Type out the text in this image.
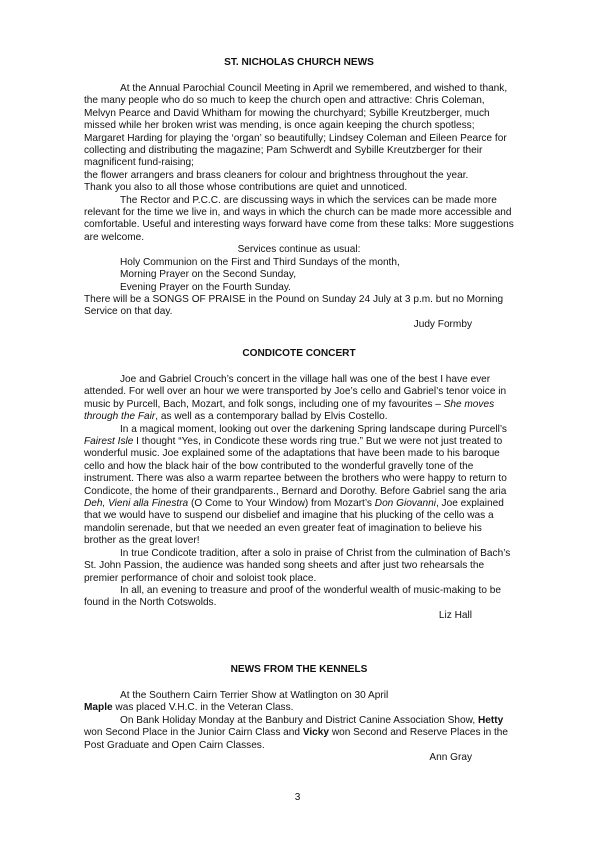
ST. NICHOLAS CHURCH NEWS

At the Annual Parochial Council Meeting in April we remembered, and wished to thank, the many people who do so much to keep the church open and attractive: Chris Coleman, Melvyn Pearce and David Whitham for mowing the churchyard; Sybille Kreutzberger, much missed while her broken wrist was mending, is once again keeping the church spotless; Margaret Harding for playing the ‘organ’ so beautifully; Lindsey Coleman and Eileen Pearce for collecting and distributing the magazine; Pam Schwerdt and Sybille Kreutzberger for their magnificent fund-raising;
the flower arrangers and brass cleaners for colour and brightness throughout the year.
Thank you also to all those whose contributions are quiet and unnoticed.

The Rector and P.C.C. are discussing ways in which the services can be made more relevant for the time we live in, and ways in which the church can be made more accessible and comfortable. Useful and interesting ways forward have come from these talks: More suggestions are welcome.

Services continue as usual:

Holy Communion on the First and Third Sundays of the month,

Morning Prayer on the Second Sunday,

Evening Prayer on the Fourth Sunday.

There will be a SONGS OF PRAISE in the Pound on Sunday 24 July at 3 p.m. but no Morning Service on that day.

Judy Formby

CONDICOTE CONCERT

Joe and Gabriel Crouch’s concert in the village hall was one of the best I have ever attended. For well over an hour we were transported by Joe’s cello and Gabriel’s tenor voice in music by Purcell, Bach, Mozart, and folk songs, including one of my favourites – She moves through the Fair, as well as a contemporary ballad by Elvis Costello.

In a magical moment, looking out over the darkening Spring landscape during Purcell’s Fairest Isle I thought “Yes, in Condicote these words ring true.” But we were not just treated to wonderful music. Joe explained some of the adaptations that have been made to his baroque cello and how the black hair of the bow contributed to the wonderful gravelly tone of the instrument. There was also a warm repartee between the brothers who were happy to return to Condicote, the home of their grandparents., Bernard and Dorothy. Before Gabriel sang the aria Deh, Vieni alla Finestra (O Come to Your Window) from Mozart’s Don Giovanni, Joe explained that we would have to suspend our disbelief and imagine that his plucking of the cello was a mandolin serenade, but that we needed an even greater feat of imagination to believe his brother as the great lover!

In true Condicote tradition, after a solo in praise of Christ from the culmination of Bach’s St. John Passion, the audience was handed song sheets and after just two rehearsals the premier performance of choir and soloist took place.

In all, an evening to treasure and proof of the wonderful wealth of music-making to be found in the North Cotswolds.

Liz Hall

NEWS FROM THE KENNELS

At the Southern Cairn Terrier Show at Watlington on 30 April
Maple was placed V.H.C. in the Veteran Class.

On Bank Holiday Monday at the Banbury and District Canine Association Show, Hetty won Second Place in the Junior Cairn Class and Vicky won Second and Reserve Places in the Post Graduate and Open Cairn Classes.

Ann Gray

3
